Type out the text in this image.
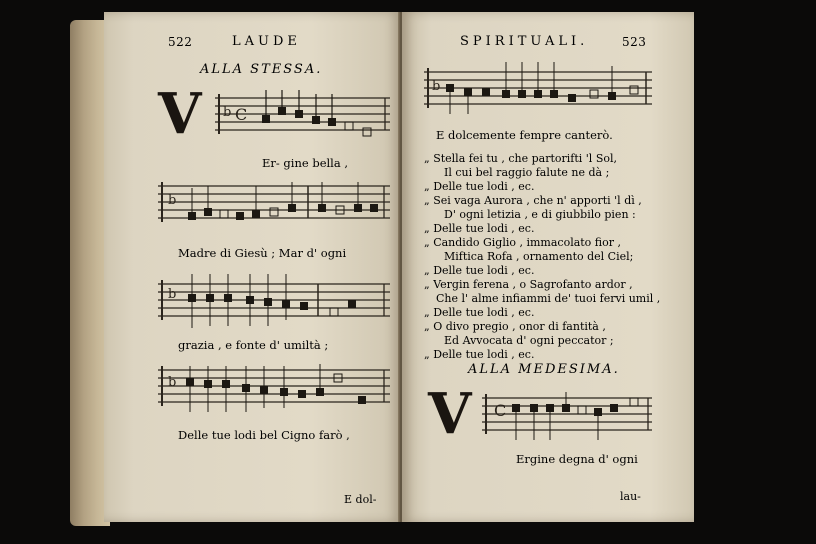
522	LAUDE
ALLA STESSA.
V b C
Er- gine bella ,
b
Madre di Giesù ; Mar d' ogni
b
grazia , e fonte d' umiltà ;
b
Delle tue lodi bel Cigno farò ,
E dol-
SPIRITUALI.	523
b
E dolcemente fempre canterò.
„ Stella fei tu , che partorifti 'l Sol,
Il cui bel raggio falute ne dà ;
„ Delle tue lodi , ec.
„ Sei vaga Aurora , che n' apporti 'l dì ,
D' ogni letizia , e di giubbilo pien :
„ Delle tue lodi , ec.
„ Candido Giglio , immacolato fior ,
Miftica Rofa , ornamento del Ciel;
„ Delle tue lodi , ec.
„ Vergin ferena , o Sagrofanto ardor ,
Che l' alme infiammi de' tuoi fervi umil ,
„ Delle tue lodi , ec.
„ O divo pregio , onor di fantità ,
Ed Avvocata d' ogni peccator ;
„ Delle tue lodi , ec.
ALLA MEDESIMA.
V C
Ergine degna d' ogni
lau-
